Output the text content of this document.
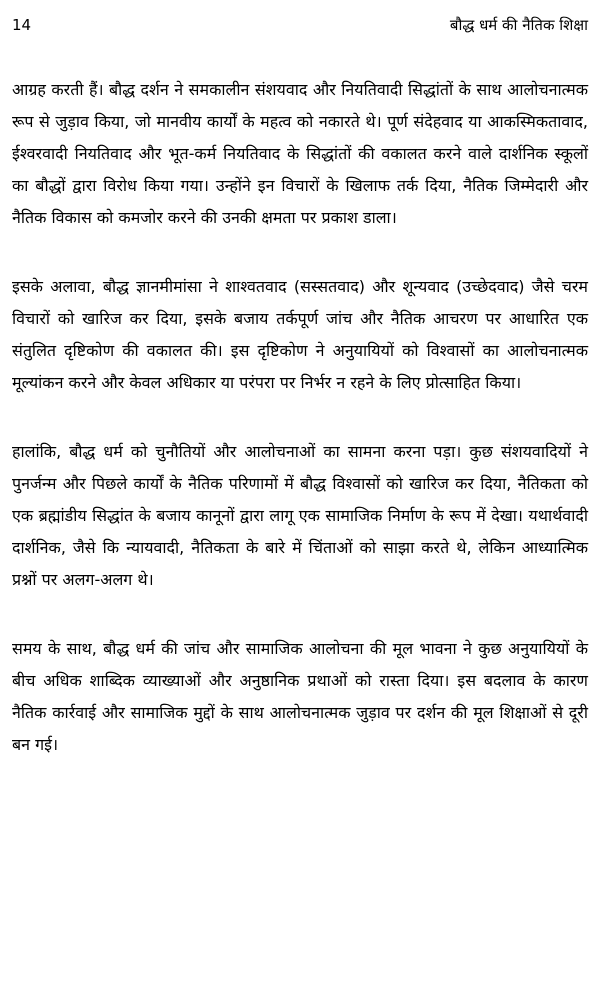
14	बौद्ध धर्म की नैतिक शिक्षा

आग्रह करती हैं। बौद्ध दर्शन ने समकालीन संशयवाद और नियतिवादी सिद्धांतों के साथ आलोचनात्मक रूप से जुड़ाव किया, जो मानवीय कार्यों के महत्व को नकारते थे। पूर्ण संदेहवाद या आकस्मिकतावाद, ईश्वरवादी नियतिवाद और भूत-कर्म नियतिवाद के सिद्धांतों की वकालत करने वाले दार्शनिक स्कूलों का बौद्धों द्वारा विरोध किया गया। उन्होंने इन विचारों के खिलाफ तर्क दिया, नैतिक जिम्मेदारी और नैतिक विकास को कमजोर करने की उनकी क्षमता पर प्रकाश डाला।

इसके अलावा, बौद्ध ज्ञानमीमांसा ने शाश्वतवाद (सस्सतवाद) और शून्यवाद (उच्छेदवाद) जैसे चरम विचारों को खारिज कर दिया, इसके बजाय तर्कपूर्ण जांच और नैतिक आचरण पर आधारित एक संतुलित दृष्टिकोण की वकालत की। इस दृष्टिकोण ने अनुयायियों को विश्वासों का आलोचनात्मक मूल्यांकन करने और केवल अधिकार या परंपरा पर निर्भर न रहने के लिए प्रोत्साहित किया।

हालांकि, बौद्ध धर्म को चुनौतियों और आलोचनाओं का सामना करना पड़ा। कुछ संशयवादियों ने पुनर्जन्म और पिछले कार्यों के नैतिक परिणामों में बौद्ध विश्वासों को खारिज कर दिया, नैतिकता को एक ब्रह्मांडीय सिद्धांत के बजाय कानूनों द्वारा लागू एक सामाजिक निर्माण के रूप में देखा। यथार्थवादी दार्शनिक, जैसे कि न्यायवादी, नैतिकता के बारे में चिंताओं को साझा करते थे, लेकिन आध्यात्मिक प्रश्नों पर अलग-अलग थे।

समय के साथ, बौद्ध धर्म की जांच और सामाजिक आलोचना की मूल भावना ने कुछ अनुयायियों के बीच अधिक शाब्दिक व्याख्याओं और अनुष्ठानिक प्रथाओं को रास्ता दिया। इस बदलाव के कारण नैतिक कार्रवाई और सामाजिक मुद्दों के साथ आलोचनात्मक जुड़ाव पर दर्शन की मूल शिक्षाओं से दूरी बन गई।
